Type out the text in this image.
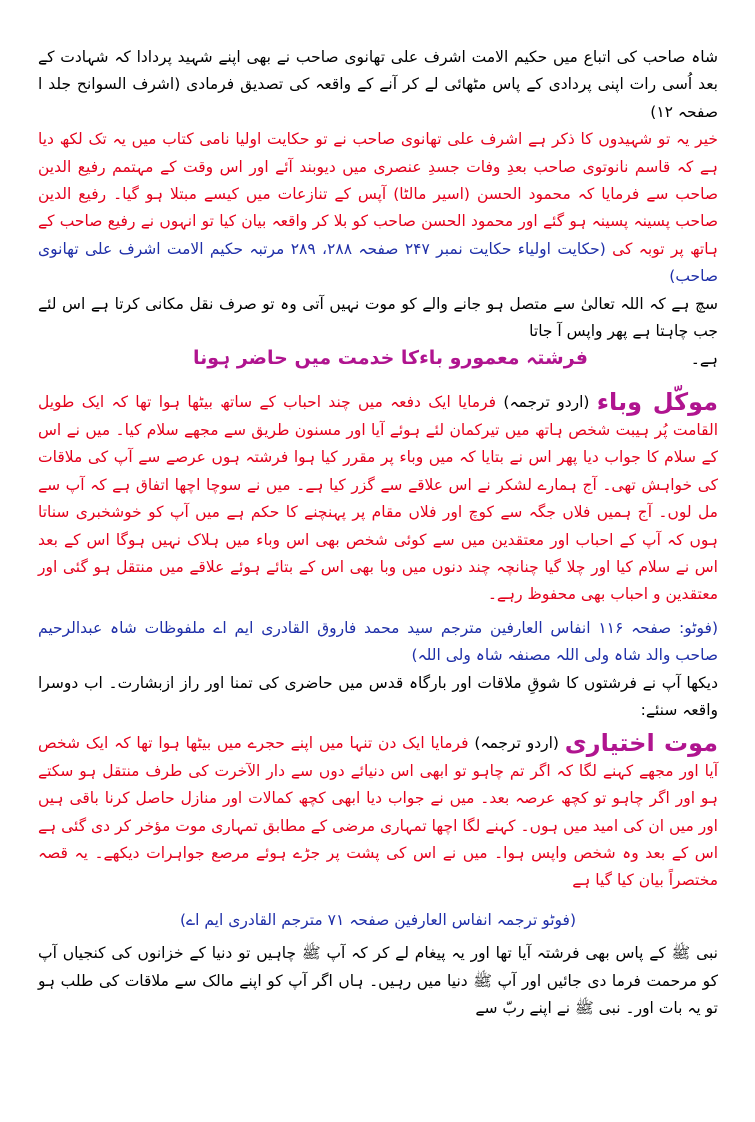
شاہ صاحب کی اتباع میں حکیم الامت اشرف علی تھانوی صاحب نے بھی اپنے شہید پردادا کہ شہادت کے بعد اُسی رات اپنی پردادی کے پاس مٹھائی لے کر آنے کے واقعہ کی تصدیق فرمادی (اشرف السوانح جلد ا صفحہ ۱۲)

خیر یہ تو شہیدوں کا ذکر ہے اشرف علی تھانوی صاحب نے تو حکایت اولیا نامی کتاب میں یہ تک لکھ دیا ہے کہ قاسم نانوتوی صاحب بعدِ وفات جسدِ عنصری میں دیوبند آئے اور اس وقت کے مہتمم رفیع الدین صاحب سے فرمایا کہ محمود الحسن (اسیر مالٹا) آپس کے تنازعات میں کیسے مبتلا ہو گیا۔ رفیع الدین صاحب پسینہ پسینہ ہو گئے اور محمود الحسن صاحب کو بلا کر واقعہ بیان کیا تو انہوں نے رفیع صاحب کے ہاتھ پر توبہ کی (حکایت اولیاء حکایت نمبر ۲۴۷ صفحہ ۲۸۸، ۲۸۹ مرتبہ حکیم الامت اشرف علی تھانوی صاحب)

سچ ہے کہ اللہ تعالیٰ سے متصل ہو جانے والے کو موت نہیں آتی وہ تو صرف نقل مکانی کرتا ہے اس لئے جب چاہتا ہے پھر واپس آ جاتا

ہے۔
فرشتہ معمورو باءکا خدمت میں حاضر ہونا

موکّل وباء (اردو ترجمہ) فرمایا ایک دفعہ میں چند احباب کے ساتھ بیٹھا ہوا تھا کہ ایک طویل القامت پُر ہیبت شخص ہاتھ میں تیرکمان لئے ہوئے آیا اور مسنون طریق سے مجھے سلام کیا۔ میں نے اس کے سلام کا جواب دیا پھر اس نے بتایا کہ میں وباء پر مقرر کیا ہوا فرشتہ ہوں عرصے سے آپ کی ملاقات کی خواہش تھی۔ آج ہمارے لشکر نے اس علاقے سے گزر کیا ہے۔ میں نے سوچا اچھا اتفاق ہے کہ آپ سے مل لوں۔ آج ہمیں فلاں جگہ سے کوچ اور فلاں مقام پر پہنچنے کا حکم ہے میں آپ کو خوشخبری سناتا ہوں کہ آپ کے احباب اور معتقدین میں سے کوئی شخص بھی اس وباء میں ہلاک نہیں ہوگا اس کے بعد اس نے سلام کیا اور چلا گیا چنانچہ چند دنوں میں وبا بھی اس کے بتائے ہوئے علاقے میں منتقل ہو گئی اور معتقدین و احباب بھی محفوظ رہے۔

(فوٹو: صفحہ ۱۱۶ انفاس العارفین مترجم سید محمد فاروق القادری ایم اے ملفوظات شاہ عبدالرحیم صاحب والد شاہ ولی اللہ مصنفہ شاہ ولی اللہ)

دیکھا آپ نے فرشتوں کا شوقِ ملاقات اور بارگاہ قدس میں حاضری کی تمنا اور راز ازبشارت۔ اب دوسرا واقعہ سنئے:

موت اختیاری (اردو ترجمہ) فرمایا ایک دن تنہا میں اپنے حجرے میں بیٹھا ہوا تھا کہ ایک شخص آیا اور مجھے کہنے لگا کہ اگر تم چاہو تو ابھی اس دنیائے دوں سے دار الآخرت کی طرف منتقل ہو سکتے ہو اور اگر چاہو تو کچھ عرصہ بعد۔ میں نے جواب دیا ابھی کچھ کمالات اور منازل حاصل کرنا باقی ہیں اور میں ان کی امید میں ہوں۔ کہنے لگا اچھا تمہاری مرضی کے مطابق تمہاری موت مؤخر کر دی گئی ہے اس کے بعد وہ شخص واپس ہوا۔ میں نے اس کی پشت پر جڑے ہوئے مرصع جواہرات دیکھے۔ یہ قصہ مختصراً بیان کیا گیا ہے

(فوٹو ترجمہ انفاس العارفین صفحہ ۷۱ مترجم القادری ایم اے)

نبی ﷺ کے پاس بھی فرشتہ آیا تھا اور یہ پیغام لے کر کہ آپ ﷺ چاہیں تو دنیا کے خزانوں کی کنجیاں آپ کو مرحمت فرما دی جائیں اور آپ ﷺ دنیا میں رہیں۔ ہاں اگر آپ کو اپنے مالک سے ملاقات کی طلب ہو تو یہ بات اور۔ نبی ﷺ نے اپنے ربّ سے
